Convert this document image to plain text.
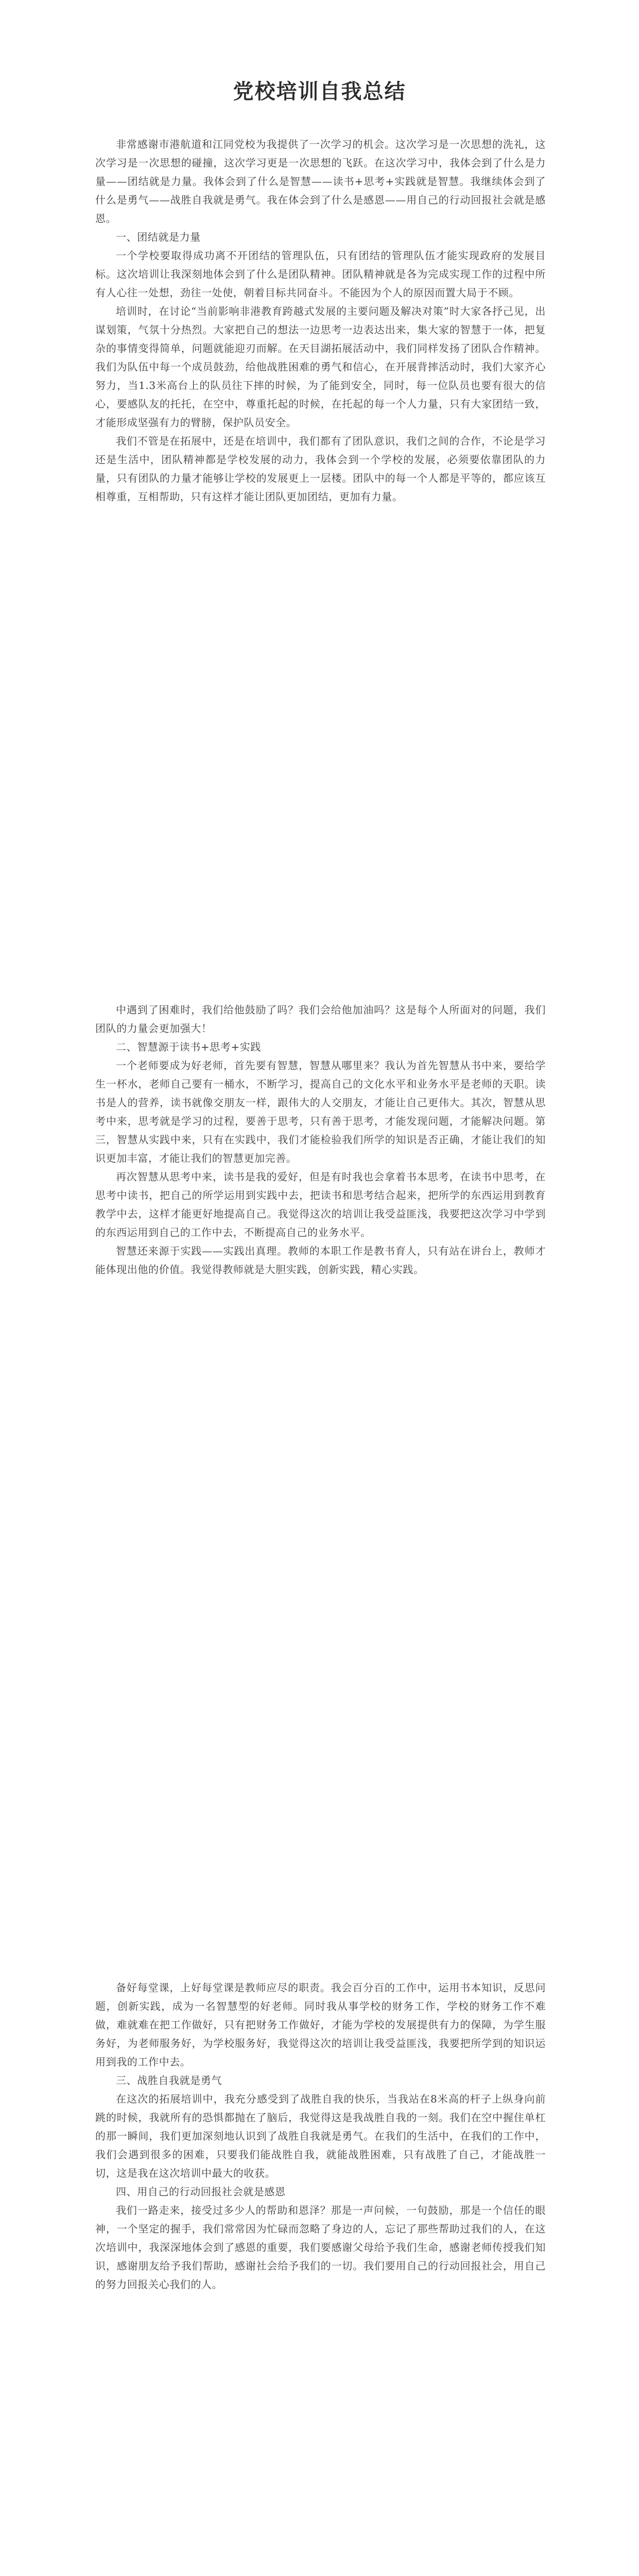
党校培训自我总结

非常感谢市港航道和江同党校为我提供了一次学习的机会。这次学习是一次思想的洗礼，这次学习是一次思想的碰撞，这次学习更是一次思想的飞跃。在这次学习中，我体会到了什么是力量——团结就是力量。我体会到了什么是智慧——读书+思考+实践就是智慧。我继续体会到了什么是勇气——战胜自我就是勇气。我在体会到了什么是感恩——用自己的行动回报社会就是感恩。

一、团结就是力量

一个学校要取得成功离不开团结的管理队伍，只有团结的管理队伍才能实现政府的发展目标。这次培训让我深刻地体会到了什么是团队精神。团队精神就是各为完成实现工作的过程中所有人心往一处想，劲往一处使，朝着目标共同奋斗。不能因为个人的原因而置大局于不顾。

培训时，在讨论“当前影响非港教育跨越式发展的主要问题及解决对策”时大家各抒己见，出谋划策，气氛十分热烈。大家把自己的想法一边思考一边表达出来，集大家的智慧于一体，把复杂的事情变得简单，问题就能迎刃而解。在天目湖拓展活动中，我们同样发扬了团队合作精神。我们为队伍中每一个成员鼓劲，给他战胜困难的勇气和信心，在开展背摔活动时，我们大家齐心努力，当1.3米高台上的队员往下摔的时候，为了能到安全，同时，每一位队员也要有很大的信心，要感队友的托托，在空中，尊重托起的时候，在托起的每一个人力量，只有大家团结一致，才能形成坚强有力的臂膀，保护队员安全。

我们不管是在拓展中，还是在培训中，我们都有了团队意识，我们之间的合作，不论是学习还是生活中，团队精神都是学校发展的动力，我体会到一个学校的发展，必须要依靠团队的力量，只有团队的力量才能够让学校的发展更上一层楼。团队中的每一个人都是平等的，都应该互相尊重，互相帮助，只有这样才能让团队更加团结，更加有力量。

中遇到了困难时，我们给他鼓励了吗？我们会给他加油吗？这是每个人所面对的问题，我们团队的力量会更加强大！

二、智慧源于读书+思考+实践

一个老师要成为好老师，首先要有智慧，智慧从哪里来？我认为首先智慧从书中来，要给学生一杯水，老师自己要有一桶水，不断学习，提高自己的文化水平和业务水平是老师的天职。读书是人的营养，读书就像交朋友一样，跟伟大的人交朋友，才能让自己更伟大。其次，智慧从思考中来，思考就是学习的过程，要善于思考，只有善于思考，才能发现问题，才能解决问题。第三，智慧从实践中来，只有在实践中，我们才能检验我们所学的知识是否正确，才能让我们的知识更加丰富，才能让我们的智慧更加完善。

再次智慧从思考中来，读书是我的爱好，但是有时我也会拿着书本思考，在读书中思考，在思考中读书，把自己的所学运用到实践中去，把读书和思考结合起来，把所学的东西运用到教育教学中去，这样才能更好地提高自己。我觉得这次的培训让我受益匪浅，我要把这次学习中学到的东西运用到自己的工作中去，不断提高自己的业务水平。

智慧还来源于实践——实践出真理。教师的本职工作是教书育人，只有站在讲台上，教师才能体现出他的价值。我觉得教师就是大胆实践，创新实践，精心实践。

备好每堂课，上好每堂课是教师应尽的职责。我会百分百的工作中，运用书本知识，反思问题，创新实践，成为一名智慧型的好老师。同时我从事学校的财务工作，学校的财务工作不难做，难就难在把工作做好，只有把财务工作做好，才能为学校的发展提供有力的保障，为学生服务好，为老师服务好，为学校服务好，我觉得这次的培训让我受益匪浅，我要把所学到的知识运用到我的工作中去。

三、战胜自我就是勇气

在这次的拓展培训中，我充分感受到了战胜自我的快乐，当我站在8米高的杆子上纵身向前跳的时候，我就所有的恐惧都抛在了脑后，我觉得这是我战胜自我的一刻。我们在空中握住单杠的那一瞬间，我们更加深刻地认识到了战胜自我就是勇气。在我们的生活中，在我们的工作中，我们会遇到很多的困难，只要我们能战胜自我，就能战胜困难，只有战胜了自己，才能战胜一切，这是我在这次培训中最大的收获。

四、用自己的行动回报社会就是感恩

我们一路走来，接受过多少人的帮助和恩泽？那是一声问候，一句鼓励，那是一个信任的眼神，一个坚定的握手，我们常常因为忙碌而忽略了身边的人，忘记了那些帮助过我们的人，在这次培训中，我深深地体会到了感恩的重要，我们要感谢父母给予我们生命，感谢老师传授我们知识，感谢朋友给予我们帮助，感谢社会给予我们的一切。我们要用自己的行动回报社会，用自己的努力回报关心我们的人。
